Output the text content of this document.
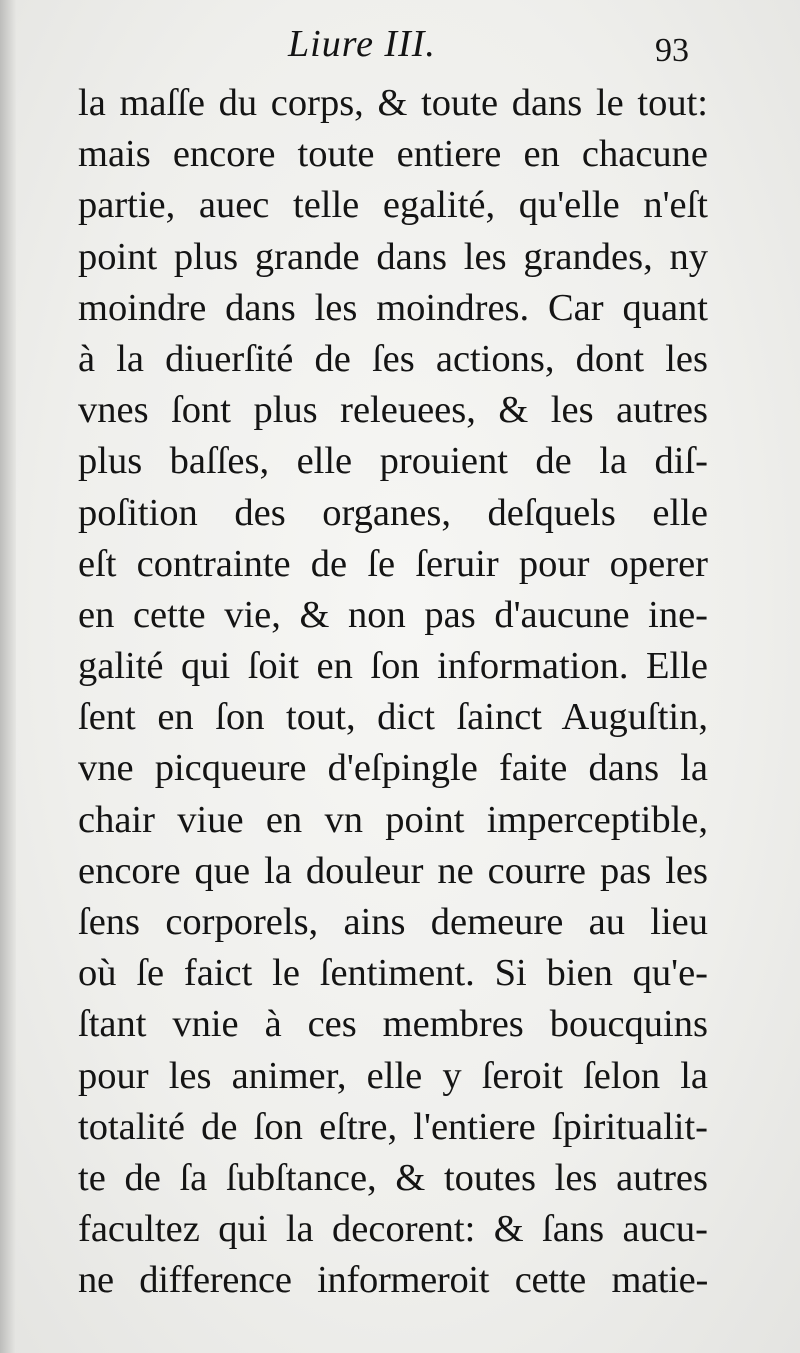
Liure III.	93
la maſſe du corps, & toute dans le tout:
mais encore toute entiere en chacune
partie, auec telle egalité, qu'elle n'eſt
point plus grande dans les grandes, ny
moindre dans les moindres. Car quant
à la diuerſité de ſes actions, dont les
vnes ſont plus releuees, & les autres
plus baſſes, elle prouient de la diſ-
poſition des organes, deſquels elle
eſt contrainte de ſe ſeruir pour operer
en cette vie, & non pas d'aucune ine-
galité qui ſoit en ſon information. Elle
ſent en ſon tout, dict ſainct Auguſtin,
vne picqueure d'eſpingle faite dans la
chair viue en vn point imperceptible,
encore que la douleur ne courre pas les
ſens corporels, ains demeure au lieu
où ſe faict le ſentiment. Si bien qu'e-
ſtant vnie à ces membres boucquins
pour les animer, elle y ſeroit ſelon la
totalité de ſon eſtre, l'entiere ſpiritualit-
te de ſa ſubſtance, & toutes les autres
facultez qui la decorent: & ſans aucu-
ne difference informeroit cette matie-
